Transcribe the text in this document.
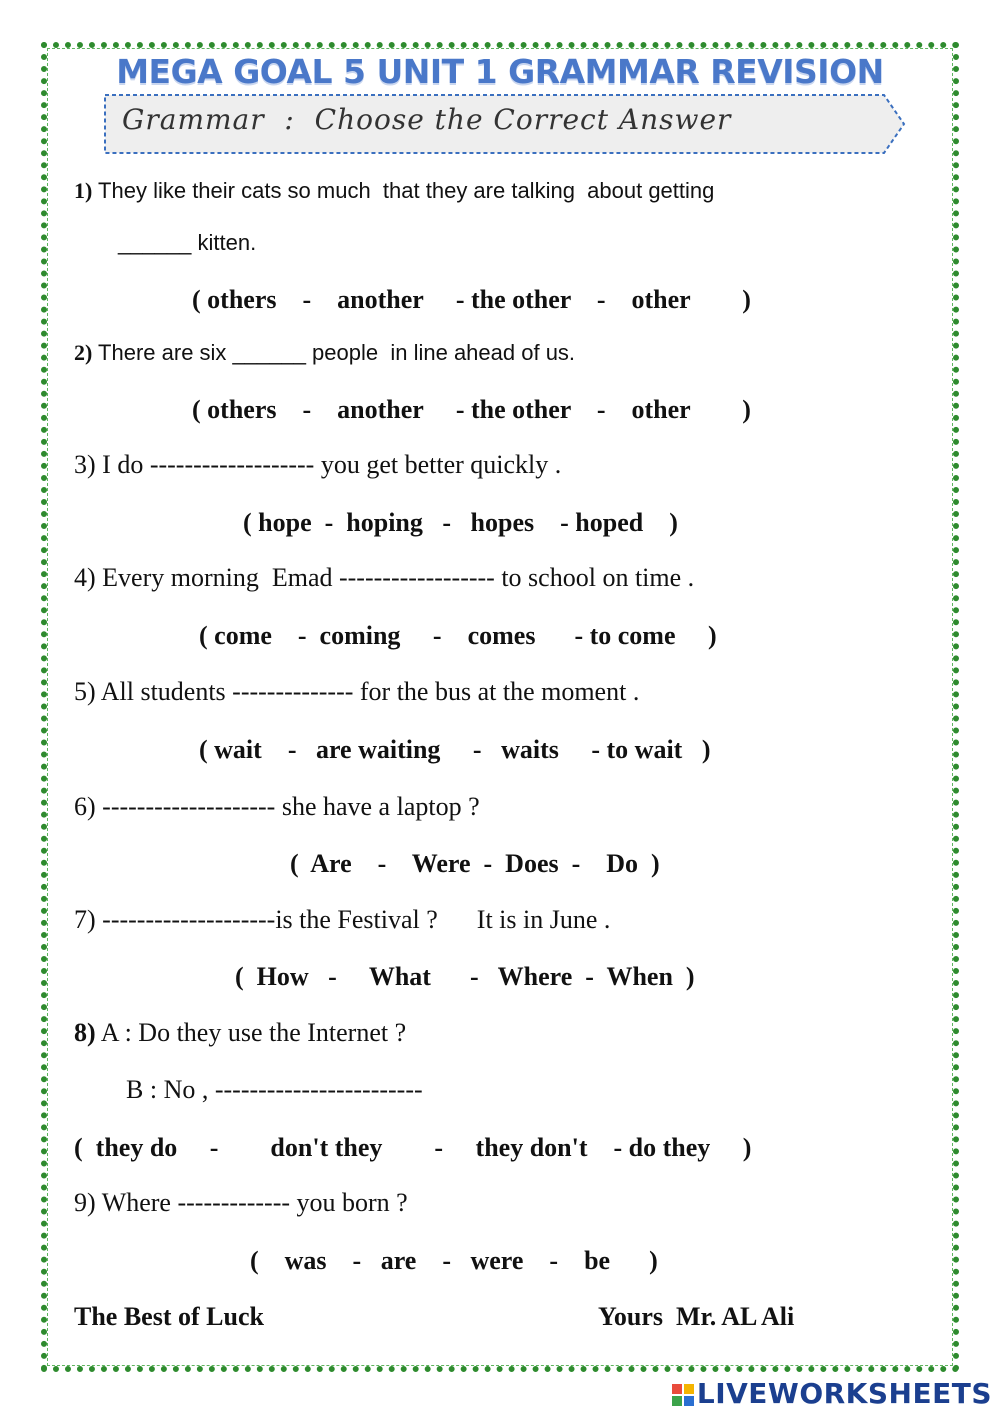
MEGA GOAL 5 UNIT 1 GRAMMAR REVISION
Grammar  :  Choose the Correct Answer
1) They like their cats so much  that they are talking  about getting
______ kitten.
( others    -    another     - the other    -    other        )
2) There are six ______ people  in line ahead of us.
( others    -    another     - the other    -    other        )
3) I do ------------------- you get better quickly .
( hope  -  hoping   -   hopes    - hoped    )
4) Every morning  Emad ------------------ to school on time .
( come    -  coming     -    comes      - to come     )
5) All students -------------- for the bus at the moment .
( wait    -   are waiting     -   waits     - to wait   )
6) -------------------- she have a laptop ?
(  Are    -    Were  -  Does  -    Do  )
7) --------------------is the Festival ?      It is in June .
(  How   -     What      -   Where  -  When  )
8) A : Do they use the Internet ?
B : No , ------------------------
(  they do     -        don't they        -     they don't    - do they     )
9) Where ------------- you born ?
(    was    -   are    -   were    -    be      )
The Best of Luck	Yours  Mr. AL Ali
LIVEWORKSHEETS
